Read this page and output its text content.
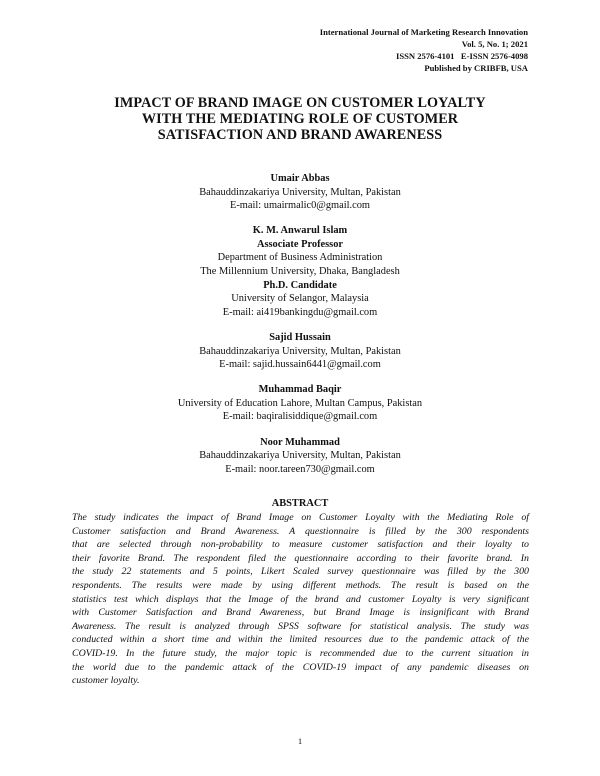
International Journal of Marketing Research Innovation
Vol. 5, No. 1; 2021
ISSN 2576-4101   E-ISSN 2576-4098
Published by CRIBFB, USA
IMPACT OF BRAND IMAGE ON CUSTOMER LOYALTY
WITH THE MEDIATING ROLE OF CUSTOMER
SATISFACTION AND BRAND AWARENESS
Umair Abbas
Bahauddinzakariya University, Multan, Pakistan
E-mail: umairmalic0@gmail.com
K. M. Anwarul Islam
Associate Professor
Department of Business Administration
The Millennium University, Dhaka, Bangladesh
Ph.D. Candidate
University of Selangor, Malaysia
E-mail: ai419bankingdu@gmail.com
Sajid Hussain
Bahauddinzakariya University, Multan, Pakistan
E-mail: sajid.hussain6441@gmail.com
Muhammad Baqir
University of Education Lahore, Multan Campus, Pakistan
E-mail: baqiralisiddique@gmail.com
Noor Muhammad
Bahauddinzakariya University, Multan, Pakistan
E-mail: noor.tareen730@gmail.com
ABSTRACT
The study indicates the impact of Brand Image on Customer Loyalty with the Mediating Role of
Customer satisfaction and Brand Awareness. A questionnaire is filled by the 300 respondents
that are selected through non-probability to measure customer satisfaction and their loyalty to
their favorite Brand. The respondent filed the questionnaire according to their favorite brand. In
the study 22 statements and 5 points, Likert Scaled survey questionnaire was filled by the 300
respondents. The results were made by using different methods. The result is based on the
statistics test which displays that the Image of the brand and customer Loyalty is very significant
with Customer Satisfaction and Brand Awareness, but Brand Image is insignificant with Brand
Awareness. The result is analyzed through SPSS software for statistical analysis. The study was
conducted within a short time and within the limited resources due to the pandemic attack of the
COVID-19. In the future study, the major topic is recommended due to the current situation in
the world due to the pandemic attack of the COVID-19 impact of any pandemic diseases on
customer loyalty.
1
